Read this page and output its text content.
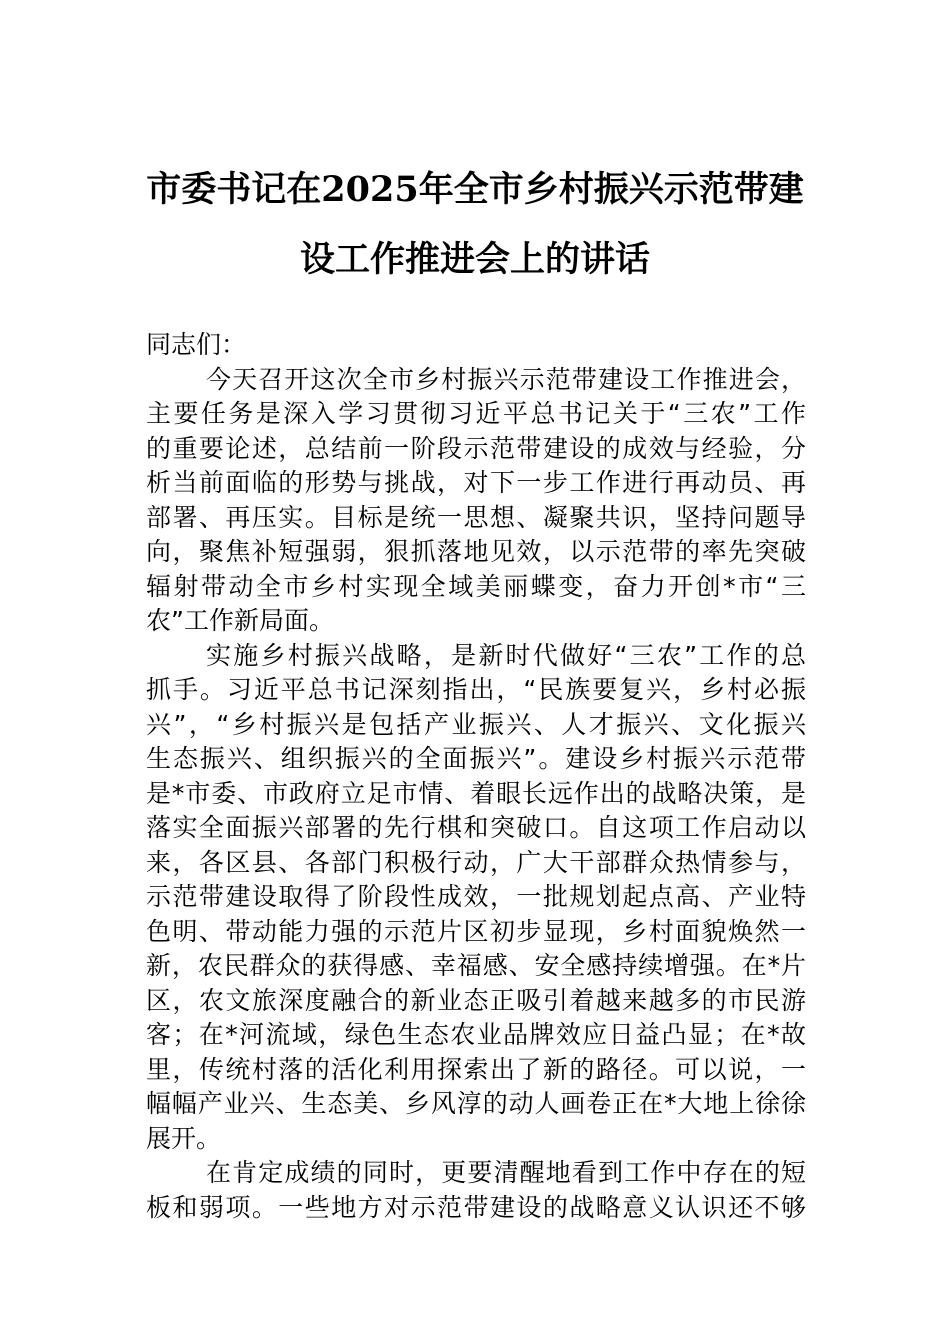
市委书记在2025年全市乡村振兴示范带建
设工作推进会上的讲话
同志们：
今天召开这次全市乡村振兴示范带建设工作推进会，
主要任务是深入学习贯彻习近平总书记关于“三农”工作
的重要论述，总结前一阶段示范带建设的成效与经验，分
析当前面临的形势与挑战，对下一步工作进行再动员、再
部署、再压实。目标是统一思想、凝聚共识，坚持问题导
向，聚焦补短强弱，狠抓落地见效，以示范带的率先突破
辐射带动全市乡村实现全域美丽蝶变，奋力开创*市“三
农”工作新局面。
实施乡村振兴战略，是新时代做好“三农”工作的总
抓手。习近平总书记深刻指出，“民族要复兴，乡村必振
兴”，“乡村振兴是包括产业振兴、人才振兴、文化振兴
生态振兴、组织振兴的全面振兴”。建设乡村振兴示范带
是*市委、市政府立足市情、着眼长远作出的战略决策，是
落实全面振兴部署的先行棋和突破口。自这项工作启动以
来，各区县、各部门积极行动，广大干部群众热情参与，
示范带建设取得了阶段性成效，一批规划起点高、产业特
色明、带动能力强的示范片区初步显现，乡村面貌焕然一
新，农民群众的获得感、幸福感、安全感持续增强。在*片
区，农文旅深度融合的新业态正吸引着越来越多的市民游
客；在*河流域，绿色生态农业品牌效应日益凸显；在*故
里，传统村落的活化利用探索出了新的路径。可以说，一
幅幅产业兴、生态美、乡风淳的动人画卷正在*大地上徐徐
展开。
在肯定成绩的同时，更要清醒地看到工作中存在的短
板和弱项。一些地方对示范带建设的战略意义认识还不够
